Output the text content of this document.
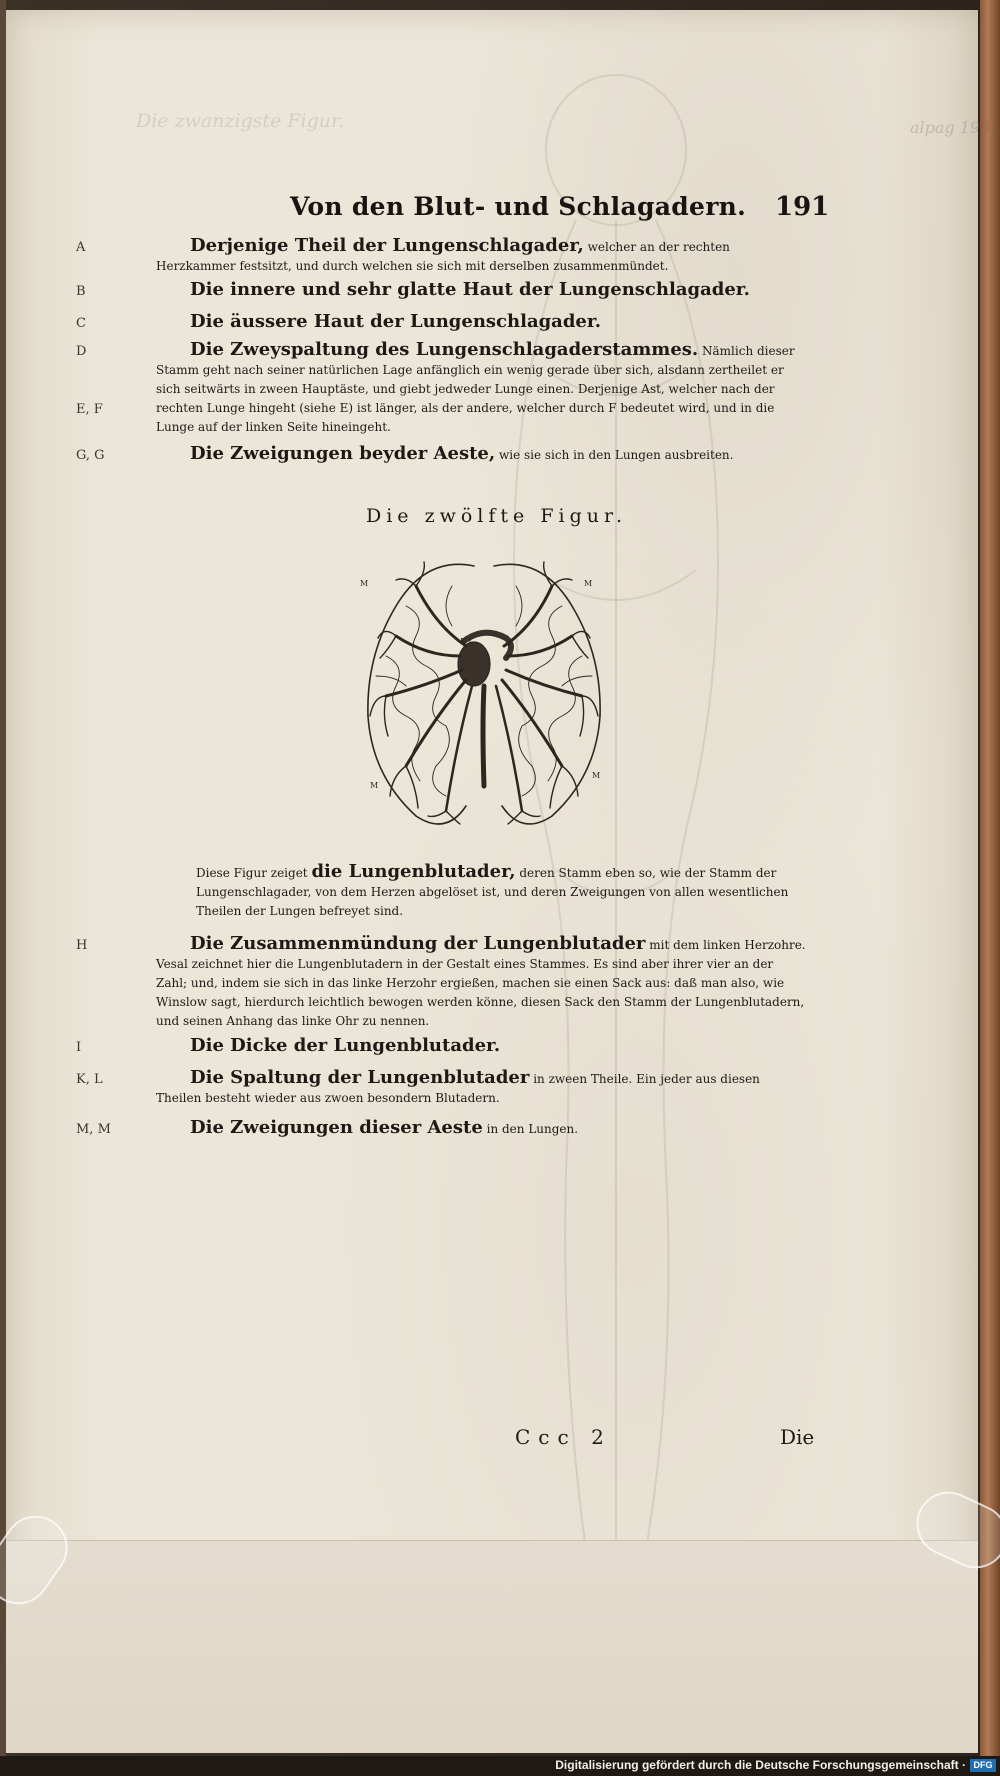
Die zwanzigste Figur.	alpag 193.
Von den Blut- und Schlagadern. 191
A	Derjenige Theil der Lungenschlagader, welcher an der rechten Herzkammer festsitzt, und durch welchen sie sich mit derselben zusammenmündet.
B	Die innere und sehr glatte Haut der Lungenschlagader.
C	Die äussere Haut der Lungenschlagader.
D	Die Zweyspaltung des Lungenschlagaderstammes. Nämlich dieser Stamm geht nach seiner natürlichen Lage anfänglich ein wenig gerade über sich, alsdann zertheilet er sich seitwärts in zween Hauptäste, und giebt jedweder Lunge einen. Derjenige Ast, welcher nach der rechten Lunge hingeht (siehe E) ist länger, als der andere, welcher durch F bedeutet wird, und in die Lunge auf der linken Seite hineingeht.
E, F
G, G	Die Zweigungen beyder Aeste, wie sie sich in den Lungen ausbreiten.
Die zwölfte Figur.
M	M
K L
M
M
Diese Figur zeiget die Lungenblutader, deren Stamm eben so, wie der Stamm der Lungenschlagader, von dem Herzen abgelöset ist, und deren Zweigungen von allen wesentlichen Theilen der Lungen befreyet sind.
H	Die Zusammenmündung der Lungenblutader mit dem linken Herzohre. Vesal zeichnet hier die Lungenblutadern in der Gestalt eines Stammes. Es sind aber ihrer vier an der Zahl; und, indem sie sich in das linke Herzohr ergießen, machen sie einen Sack aus: daß man also, wie Winslow sagt, hierdurch leichtlich bewogen werden könne, diesen Sack den Stamm der Lungenblutadern, und seinen Anhang das linke Ohr zu nennen.
I	Die Dicke der Lungenblutader.
K, L	Die Spaltung der Lungenblutader in zween Theile. Ein jeder aus diesen Theilen besteht wieder aus zwoen besondern Blutadern.
M, M	Die Zweigungen dieser Aeste in den Lungen.
Ccc 2	Die
Digitalisierung gefördert durch die Deutsche Forschungsgemeinschaft · DFG
